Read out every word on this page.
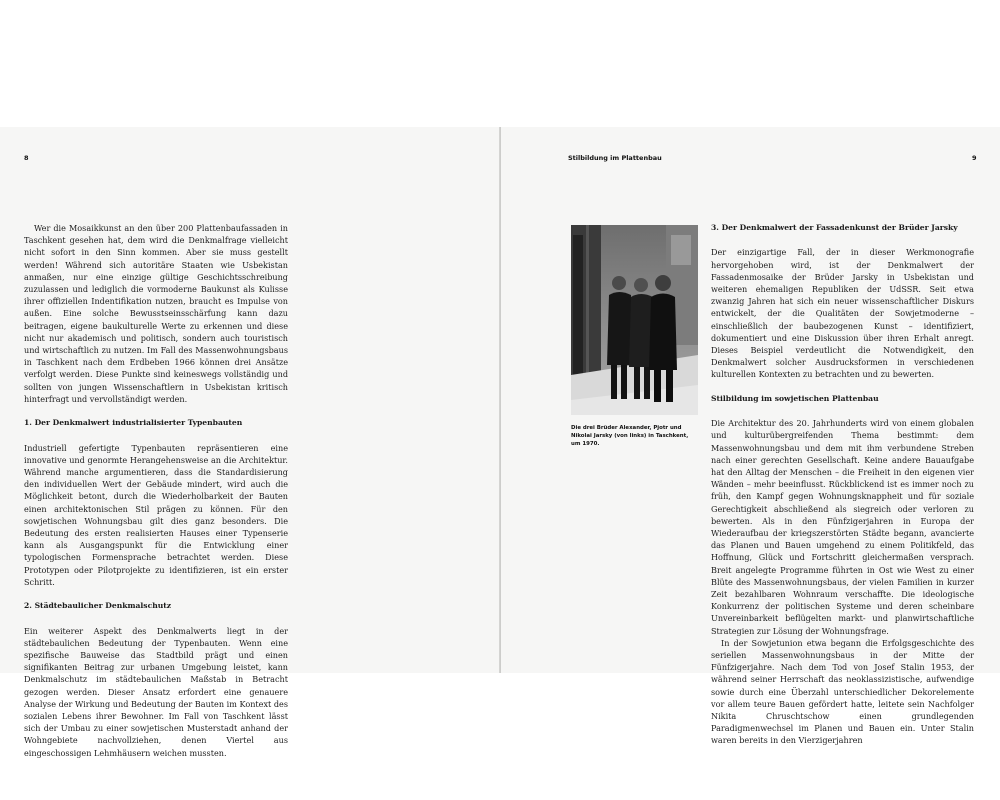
8	Stilbildung im Plattenbau	9

Wer die Mosaikkunst an den über 200 Plattenbaufassaden in Taschkent gesehen hat, dem wird die Denkmalfrage vielleicht nicht sofort in den Sinn kommen. Aber sie muss gestellt werden! Während sich autoritäre Staaten wie Usbekistan anmaßen, nur eine einzige gültige Geschichtsschreibung zuzulassen und lediglich die vormoderne Baukunst als Kulisse ihrer offiziellen Indentifikation nutzen, braucht es Impulse von außen. Eine solche Bewusstseinsschärfung kann dazu beitragen, eigene baukulturelle Werte zu erkennen und diese nicht nur akademisch und politisch, sondern auch touristisch und wirtschaftlich zu nutzen. Im Fall des Massenwohnungsbaus in Taschkent nach dem Erdbeben 1966 können drei Ansätze verfolgt werden. Diese Punkte sind keineswegs vollständig und sollten von jungen Wissenschaftlern in Usbekistan kritisch hinterfragt und vervollständigt werden.

1. Der Denkmalwert industrialisierter Typenbauten

Industriell gefertigte Typenbauten repräsentieren eine innovative und genormte Herangehensweise an die Architektur. Während manche argumentieren, dass die Standardisierung den individuellen Wert der Gebäude mindert, wird auch die Möglichkeit betont, durch die Wiederholbarkeit der Bauten einen architektonischen Stil prägen zu können. Für den sowjetischen Wohnungsbau gilt dies ganz besonders. Die Bedeutung des ersten realisierten Hauses einer Typenserie kann als Ausgangspunkt für die Entwicklung einer typologischen Formensprache betrachtet werden. Diese Prototypen oder Pilotprojekte zu identifizieren, ist ein erster Schritt.

2. Städtebaulicher Denkmalschutz

Ein weiterer Aspekt des Denkmalwerts liegt in der städtebaulichen Bedeutung der Typenbauten. Wenn eine spezifische Bauweise das Stadtbild prägt und einen signifikanten Beitrag zur urbanen Umgebung leistet, kann Denkmalschutz im städtebaulichen Maßstab in Betracht gezogen werden. Dieser Ansatz erfordert eine genauere Analyse der Wirkung und Bedeutung der Bauten im Kontext des sozialen Lebens ihrer Bewohner. Im Fall von Taschkent lässt sich der Umbau zu einer sowjetischen Musterstadt anhand der Wohngebiete nachvollziehen, denen Viertel aus eingeschossigen Lehmhäusern weichen mussten.

Die drei Brüder Alexander, Pjotr und Nikolai Jarsky (von links) in Taschkent, um 1970.
3. Der Denkmalwert der Fassadenkunst der Brüder Jarsky

Der einzigartige Fall, der in dieser Werkmonografie hervorgehoben wird, ist der Denkmalwert der Fassadenmosaike der Brüder Jarsky in Usbekistan und weiteren ehemaligen Republiken der UdSSR. Seit etwa zwanzig Jahren hat sich ein neuer wissenschaftlicher Diskurs entwickelt, der die Qualitäten der Sowjetmoderne – einschließlich der baubezogenen Kunst – identifiziert, dokumentiert und eine Diskussion über ihren Erhalt anregt. Dieses Beispiel verdeutlicht die Notwendigkeit, den Denkmalwert solcher Ausdrucksformen in verschiedenen kulturellen Kontexten zu betrachten und zu bewerten.

Stilbildung im sowjetischen Plattenbau

Die Architektur des 20. Jahrhunderts wird von einem globalen und kulturübergreifenden Thema bestimmt: dem Massenwohnungsbau und dem mit ihm verbundene Streben nach einer gerechten Gesellschaft. Keine andere Bauaufgabe hat den Alltag der Menschen – die Freiheit in den eigenen vier Wänden – mehr beeinflusst. Rückblickend ist es immer noch zu früh, den Kampf gegen Wohnungsknappheit und für soziale Gerechtigkeit abschließend als siegreich oder verloren zu bewerten. Als in den Fünfzigerjahren in Europa der Wiederaufbau der kriegszerstörten Städte begann, avancierte das Planen und Bauen umgehend zu einem Politikfeld, das Hoffnung, Glück und Fortschritt gleichermaßen versprach. Breit angelegte Programme führten in Ost wie West zu einer Blüte des Massenwohnungsbaus, der vielen Familien in kurzer Zeit bezahlbaren Wohnraum verschaffte. Die ideologische Konkurrenz der politischen Systeme und deren scheinbare Unvereinbarkeit beflügelten markt- und planwirtschaftliche Strategien zur Lösung der Wohnungsfrage.

In der Sowjetunion etwa begann die Erfolgsgeschichte des seriellen Massenwohnungsbaus in der Mitte der Fünfzigerjahre. Nach dem Tod von Josef Stalin 1953, der während seiner Herrschaft das neoklassizistische, aufwendige sowie durch eine Überzahl unterschiedlicher Dekorelemente vor allem teure Bauen gefördert hatte, leitete sein Nachfolger Nikita Chruschtschow einen grundlegenden Paradigmenwechsel im Planen und Bauen ein. Unter Stalin waren bereits in den Vierzigerjahren
